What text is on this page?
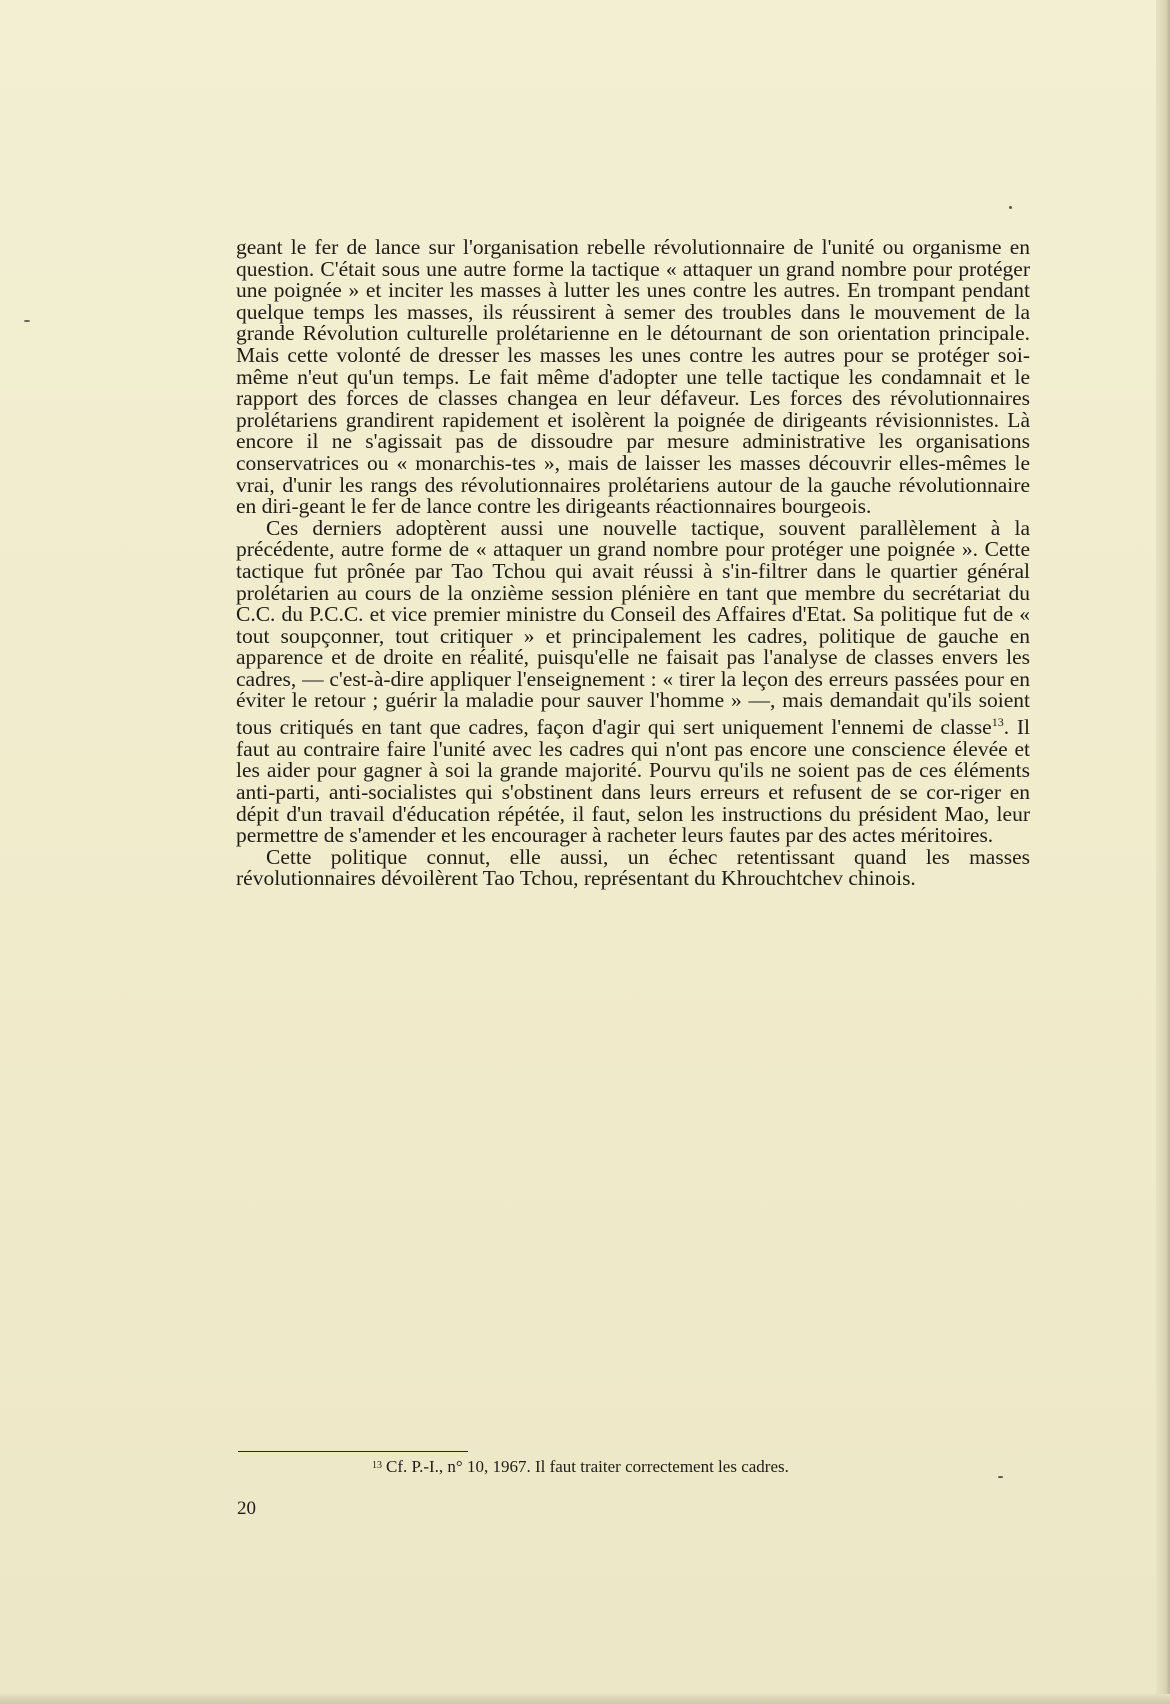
geant le fer de lance sur l'organisation rebelle révolutionnaire de l'unité ou organisme en question. C'était sous une autre forme la tactique « attaquer un grand nombre pour protéger une poignée » et inciter les masses à lutter les unes contre les autres. En trompant pendant quelque temps les masses, ils réussirent à semer des troubles dans le mouvement de la grande Révolution culturelle prolétarienne en le détournant de son orientation principale. Mais cette volonté de dresser les masses les unes contre les autres pour se protéger soi-même n'eut qu'un temps. Le fait même d'adopter une telle tactique les condamnait et le rapport des forces de classes changea en leur défaveur. Les forces des révolutionnaires prolétariens grandirent rapidement et isolèrent la poignée de dirigeants révisionnistes. Là encore il ne s'agissait pas de dissoudre par mesure administrative les organisations conservatrices ou « monarchis-tes », mais de laisser les masses découvrir elles-mêmes le vrai, d'unir les rangs des révolutionnaires prolétariens autour de la gauche révolutionnaire en diri-geant le fer de lance contre les dirigeants réactionnaires bourgeois.

Ces derniers adoptèrent aussi une nouvelle tactique, souvent parallèlement à la précédente, autre forme de « attaquer un grand nombre pour protéger une poignée ». Cette tactique fut prônée par Tao Tchou qui avait réussi à s'in-filtrer dans le quartier général prolétarien au cours de la onzième session plénière en tant que membre du secrétariat du C.C. du P.C.C. et vice premier ministre du Conseil des Affaires d'Etat. Sa politique fut de « tout soupçonner, tout critiquer » et principalement les cadres, politique de gauche en apparence et de droite en réalité, puisqu'elle ne faisait pas l'analyse de classes envers les cadres, — c'est-à-dire appliquer l'enseignement : « tirer la leçon des erreurs passées pour en éviter le retour ; guérir la maladie pour sauver l'homme » —, mais demandait qu'ils soient tous critiqués en tant que cadres, façon d'agir qui sert uniquement l'ennemi de classe$^{13}$. Il faut au contraire faire l'unité avec les cadres qui n'ont pas encore une conscience élevée et les aider pour gagner à soi la grande majorité. Pourvu qu'ils ne soient pas de ces éléments anti-parti, anti-socialistes qui s'obstinent dans leurs erreurs et refusent de se cor-riger en dépit d'un travail d'éducation répétée, il faut, selon les instructions du président Mao, leur permettre de s'amender et les encourager à racheter leurs fautes par des actes méritoires.

Cette politique connut, elle aussi, un échec retentissant quand les masses révolutionnaires dévoilèrent Tao Tchou, représentant du Khrouchtchev chinois.

$^{13}$ Cf. P.-I., n° 10, 1967. Il faut traiter correctement les cadres.
20
